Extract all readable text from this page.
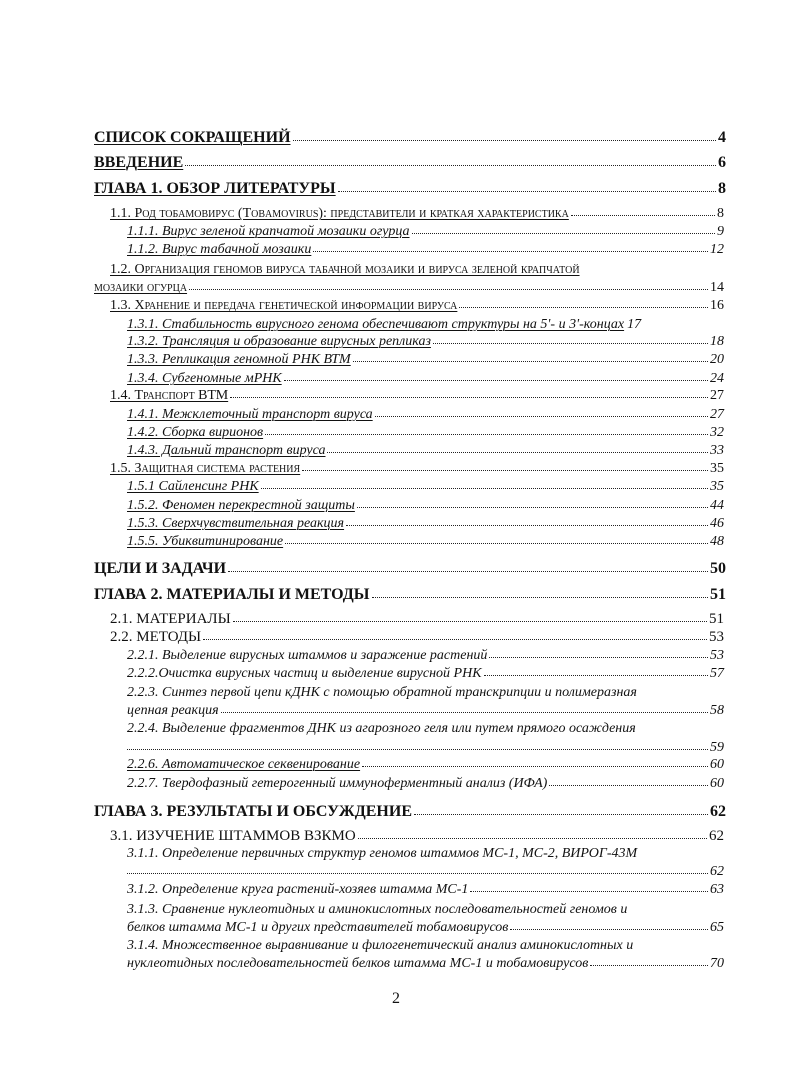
СПИСОК СОКРАЩЕНИЙ	4
ВВЕДЕНИЕ	6
ГЛАВА 1. ОБЗОР ЛИТЕРАТУРЫ	8
1.1. Род тобамовирус (Tobamovirus): представители и краткая характеристика	8
1.1.1. Вирус зеленой крапчатой мозаики огурца	9
1.1.2. Вирус табачной мозаики	12
1.2. Организация геномов вируса табачной мозаики и вируса зеленой крапчатой
мозаики огурца	14
1.3. Хранение и передача генетической информации вируса	16
1.3.1. Стабильность вирусного генома обеспечивают структуры на 5'- и 3'-концах 17
1.3.2. Трансляция и образование вирусных репликаз	18
1.3.3. Репликация геномной РНК ВТМ	20
1.3.4. Субгеномные мРНК	24
1.4. Транспорт ВТМ	27
1.4.1. Межклеточный транспорт вируса	27
1.4.2. Сборка вирионов	32
1.4.3. Дальний транспорт вируса	33
1.5. Защитная система растения	35
1.5.1 Сайленсинг РНК	35
1.5.2. Феномен перекрестной защиты	44
1.5.3. Сверхчувствительная реакция	46
1.5.5. Убиквитинирование	48
ЦЕЛИ И ЗАДАЧИ	50
ГЛАВА 2. МАТЕРИАЛЫ И МЕТОДЫ	51
2.1. МАТЕРИАЛЫ	51
2.2. МЕТОДЫ	53
2.2.1. Выделение вирусных штаммов и заражение растений	53
2.2.2.Очистка вирусных частиц и выделение вирусной РНК	57
2.2.3. Синтез первой цепи кДНК с помощью обратной транскрипции и полимеразная
цепная реакция	58
2.2.4. Выделение фрагментов ДНК из агарозного геля или путем прямого осаждения
59
2.2.6. Автоматическое секвенирование	60
2.2.7. Твердофазный гетерогенный иммуноферментный анализ (ИФА)	60
ГЛАВА 3. РЕЗУЛЬТАТЫ И ОБСУЖДЕНИЕ	62
3.1. ИЗУЧЕНИЕ ШТАММОВ ВЗКМО	62
3.1.1. Определение первичных структур геномов штаммов МС-1, МС-2, ВИРОГ-43М
62
3.1.2. Определение круга растений-хозяев штамма МС-1	63
3.1.3. Сравнение нуклеотидных и аминокислотных последовательностей геномов и
белков штамма МС-1 и других представителей тобамовирусов	65
3.1.4. Множественное выравнивание и филогенетический анализ аминокислотных и
нуклеотидных последовательностей белков штамма МС-1 и тобамовирусов	70
2
